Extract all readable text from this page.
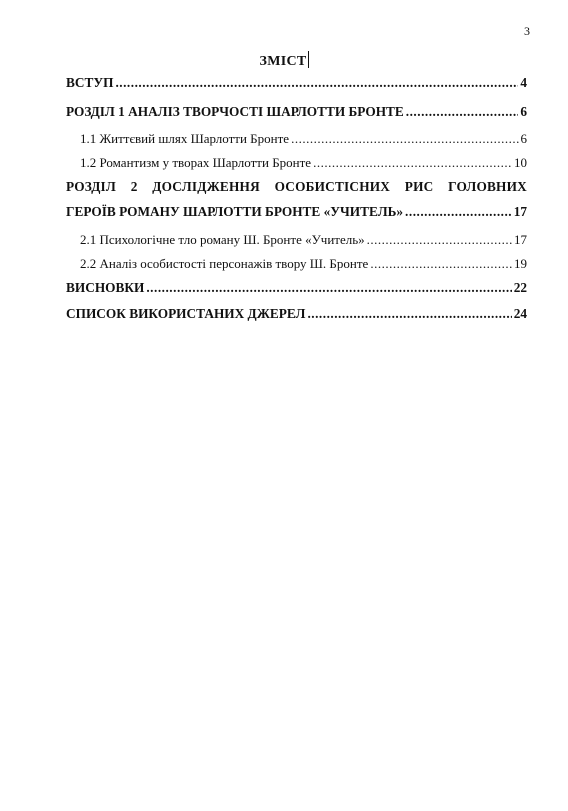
3
ЗМІСТ
ВСТУП .....	4
РОЗДІЛ 1 АНАЛІЗ ТВОРЧОСТІ ШАРЛОТТИ БРОНТЕ .....	6
1.1 Життєвий шлях Шарлотти Бронте .....	6
1.2 Романтизм у творах Шарлотти Бронте .....	10
РОЗДІЛ 2 ДОСЛІДЖЕННЯ ОСОБИСТІСНИХ РИС ГОЛОВНИХ
ГЕРОЇВ РОМАНУ ШАРЛОТТИ БРОНТЕ «УЧИТЕЛЬ» .....	17
2.1 Психологічне тло роману Ш. Бронте «Учитель» .....	17
2.2 Аналіз особистості персонажів твору Ш. Бронте .....	19
ВИСНОВКИ .....	22
СПИСОК ВИКОРИСТАНИХ ДЖЕРЕЛ .....	24
